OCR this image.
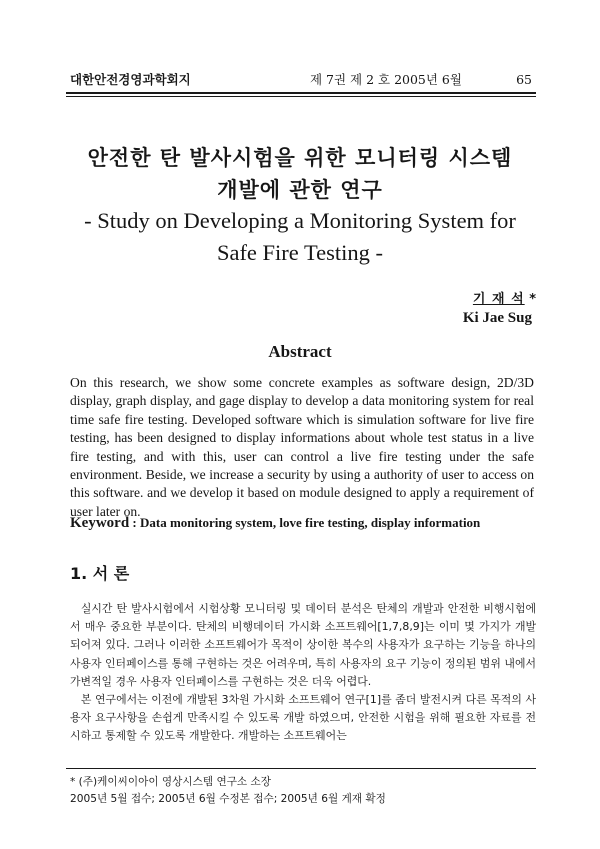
대한안전경영과학회지	제 7권 제 2 호 2005년 6월	65
안전한 탄 발사시험을 위한 모니터링 시스템
개발에 관한 연구
- Study on Developing a Monitoring System for
Safe Fire Testing -
기 재 석 *
Ki Jae Sug
Abstract
On this research, we show some concrete examples as software design, 2D/3D display, graph display, and gage display to develop a data monitoring system for real time safe fire testing. Developed software which is simulation software for live fire testing, has been designed to display informations about whole test status in a live fire testing, and with this, user can control a live fire testing under the safe environment. Beside, we increase a security by using a authority of user to access on this software. and we develop it based on module designed to apply a requirement of user later on.
Keyword : Data monitoring system, love fire testing, display information
1. 서 론

실시간 탄 발사시험에서 시험상황 모니터링 및 데이터 분석은 탄체의 개발과 안전한 비행시험에서 매우 중요한 부분이다. 탄체의 비행데이터 가시화 소프트웨어[1,7,8,9]는 이미 몇 가지가 개발되어져 있다. 그러나 이러한 소프트웨어가 목적이 상이한 복수의 사용자가 요구하는 기능을 하나의 사용자 인터페이스를 통해 구현하는 것은 어려우며, 특히 사용자의 요구 기능이 정의된 범위 내에서 가변적일 경우 사용자 인터페이스를 구현하는 것은 더욱 어렵다.

본 연구에서는 이전에 개발된 3차원 가시화 소프트웨어 연구[1]를 좀더 발전시켜 다른 목적의 사용자 요구사항을 손쉽게 만족시킬 수 있도록 개발 하였으며, 안전한 시험을 위해 필요한 자료를 전시하고 통제할 수 있도록 개발한다. 개발하는 소프트웨어는

* (주)케이씨이아이 영상시스템 연구소 소장
2005년 5월 접수; 2005년 6월 수정본 접수; 2005년 6월 게재 확정
